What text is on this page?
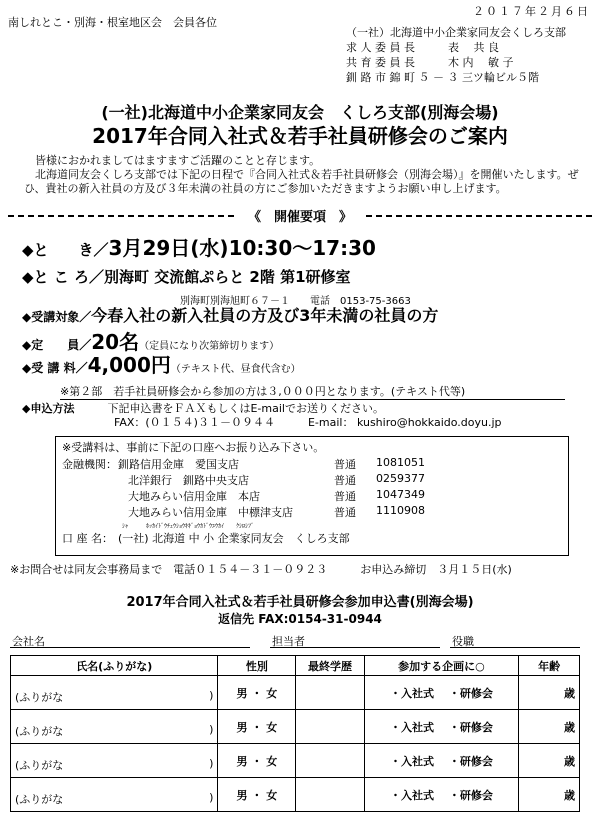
２０１７年２月６日
南しれとこ・別海・根室地区会　会員各位
（一社）北海道中小企業家同友会くしろ支部
求 人 委 員 長　　　表　 共 良
共 育 委 員 長　　　木 内　 敏 子
釧 路 市 錦 町 ５ － ３ 三ツ輪ビル５階
(一社)北海道中小企業家同友会　くしろ支部(別海会場)
2017年合同入社式＆若手社員研修会のご案内
　皆様におかれましてはますますご活躍のことと存じます。
　北海道同友会くしろ支部では下記の日程で『合同入社式＆若手社員研修会（別海会場）』を開催いたします。ぜひ、貴社の新入社員の方及び３年未満の社員の方にご参加いただきますようお願い申し上げます。
《　開催要項　》
◆と　　き／3月29日(水)10:30～17:30
◆と こ ろ／別海町 交流館ぷらと 2階 第1研修室
別海町別海旭町６７－１　　電話　0153-75-3663
◆受講対象／今春入社の新入社員の方及び3年未満の社員の方
◆定　　員／20名（定員になり次第締切ります）
◆受 講 料／4,000円（テキスト代、昼食代含む）
※第２部　若手社員研修会から参加の方は３,０００円となります。(テキスト代等)
◆申込方法　　　	下記申込書をＦＡＸもしくはE-mailでお送りください。
FAX：(０１５４)３１－０９４４　　　	E-mail： kushiro@hokkaido.doyu.jp
※受講料は、事前に下記の口座へお振り込み下さい。
金融機関： 釧路信用金庫　愛国支店	普通 1081051
北洋銀行　釧路中央支店	普通 0259377
大地みらい信用金庫　本店	普通 1047349
大地みらい信用金庫　中標津支店	普通 1110908
ｼｬ　　　ﾎｯｶｲﾄﾞｳﾁｭｳｼｮｳｷｷﾞｮｳｶﾄﾞｳﾕｳｶｲ　　ｸｼﾛｼﾌﾞ
口 座 名： (一社) 北海道 中 小 企業家同友会　くしろ支部
※お問合せは同友会事務局まで　電話０１５４－３１－０９２３　　　	お申込み締切　３月１５日(水)
2017年合同入社式＆若手社員研修会参加申込書(別海会場)
返信先 FAX:0154-31-0944
会社名	担当者	役職
氏名(ふりがな)	性別	最終学歴	参加する企画に○	年齢

(ふりがな )	男 ・ 女		・入社式　 ・研修会	歳

(ふりがな )	男 ・ 女		・入社式　 ・研修会	歳

(ふりがな )	男 ・ 女		・入社式　 ・研修会	歳

(ふりがな )	男 ・ 女		・入社式　 ・研修会	歳
